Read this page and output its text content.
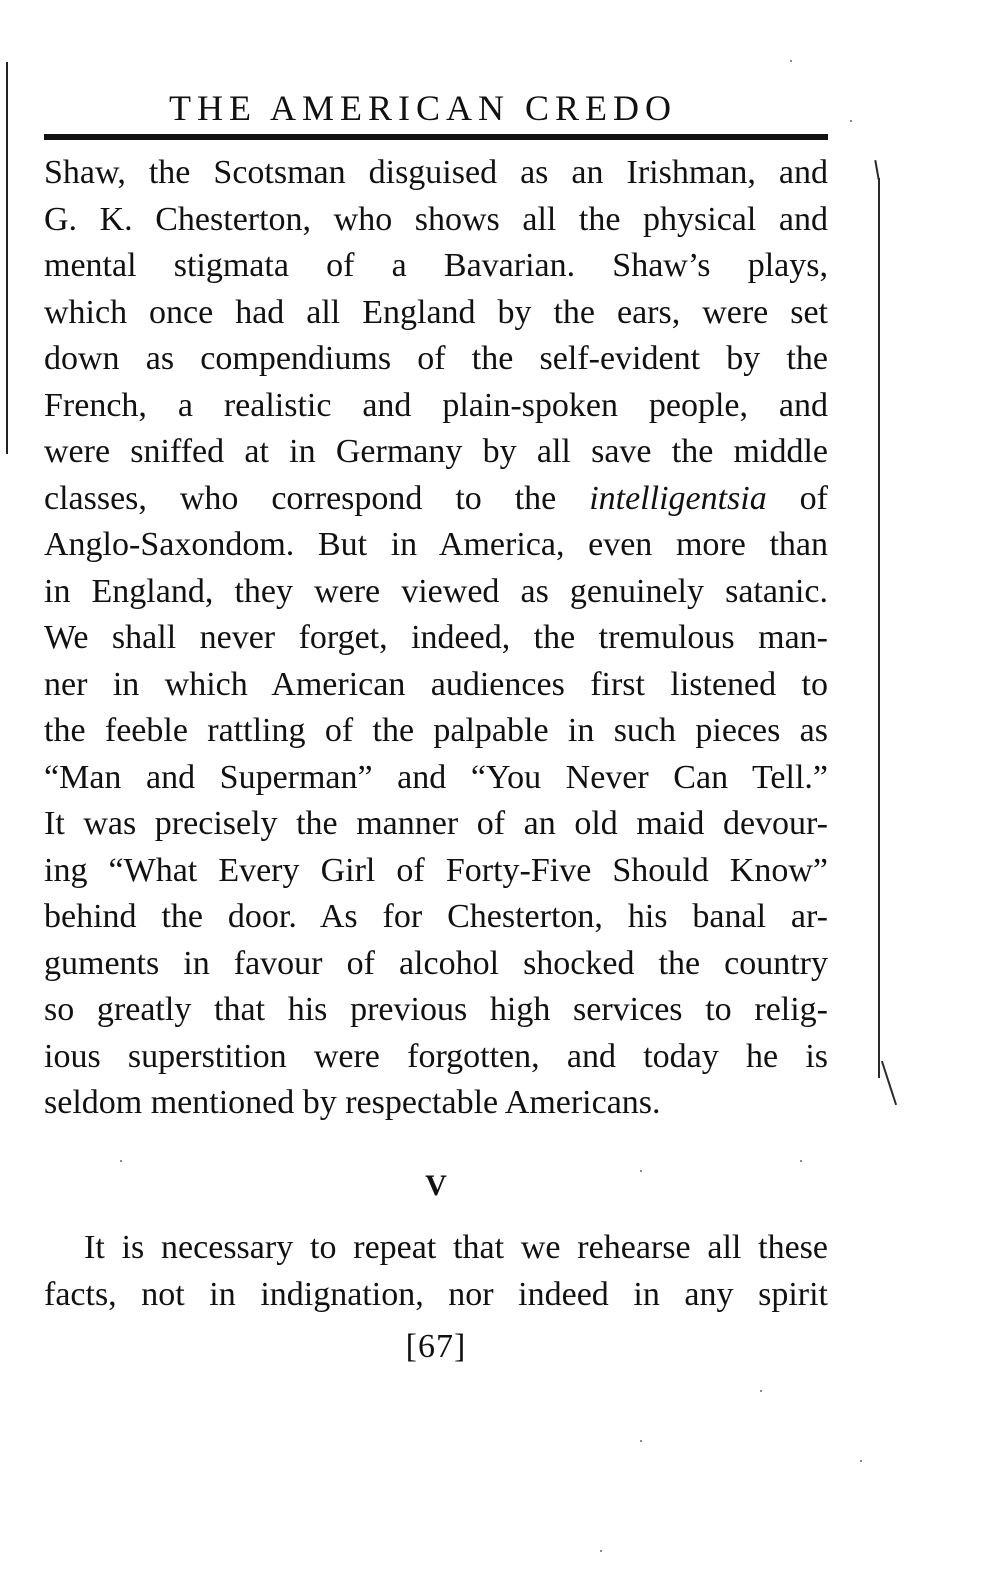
THE AMERICAN CREDO
Shaw, the Scotsman disguised as an Irishman, and
G. K. Chesterton, who shows all the physical and
mental stigmata of a Bavarian. Shaw’s plays,
which once had all England by the ears, were set
down as compendiums of the self-evident by the
French, a realistic and plain-spoken people, and
were sniffed at in Germany by all save the middle
classes, who correspond to the intelligentsia of
Anglo-Saxondom. But in America, even more than
in England, they were viewed as genuinely satanic.
We shall never forget, indeed, the tremulous man-
ner in which American audiences first listened to
the feeble rattling of the palpable in such pieces as
“Man and Superman” and “You Never Can Tell.”
It was precisely the manner of an old maid devour-
ing “What Every Girl of Forty-Five Should Know”
behind the door. As for Chesterton, his banal ar-
guments in favour of alcohol shocked the country
so greatly that his previous high services to relig-
ious superstition were forgotten, and today he is
seldom mentioned by respectable Americans.
V
It is necessary to repeat that we rehearse all these
facts, not in indignation, nor indeed in any spirit
[67]
